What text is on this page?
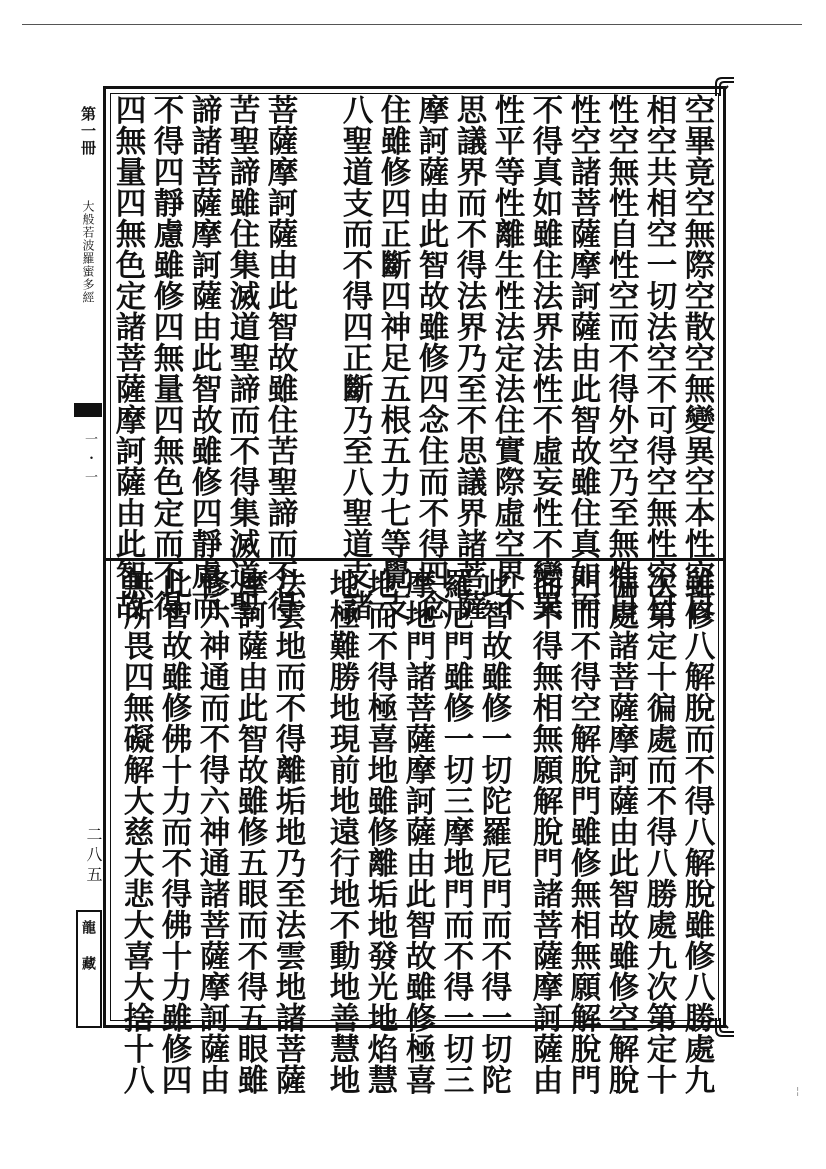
第一冊
大般若波羅蜜多經
一・一
二八五
龍藏
空畢竟空無際空散空無變異空本性空自
相空共相空一切法空不可得空無性空自
性空無性自性空而不得外空乃至無性自
性空諸菩薩摩訶薩由此智故雖住真如而
不得真如雖住法界法性不虛妄性不變異
性平等性離生性法定法住實際虛空界不
思議界而不得法界乃至不思議界諸菩薩
摩訶薩由此智故雖修四念住而不得四念
住雖修四正斷四神足五根五力七等覺支
八聖道支而不得四正斷乃至八聖道支諸
菩薩摩訶薩由此智故雖住苦聖諦而不得
苦聖諦雖住集滅道聖諦而不得集滅道聖
諦諸菩薩摩訶薩由此智故雖修四靜慮而
不得四靜慮雖修四無量四無色定而不得
四無量四無色定諸菩薩摩訶薩由此智故
雖修八解脫而不得八解脫雖修八勝處九
次第定十徧處而不得八勝處九次第定十
徧處諸菩薩摩訶薩由此智故雖修空解脫
門而不得空解脫門雖修無相無願解脫門
而不得無相無願解脫門諸菩薩摩訶薩由
此智故雖修一切陀羅尼門而不得一切陀
羅尼門雖修一切三摩地門而不得一切三
摩地門諸菩薩摩訶薩由此智故雖修極喜
地而不得極喜地雖修離垢地發光地焰慧
地極難勝地現前地遠行地不動地善慧地
法雲地而不得離垢地乃至法雲地諸菩薩
摩訶薩由此智故雖修五眼而不得五眼雖
修六神通而不得六神通諸菩薩摩訶薩由
此智故雖修佛十力而不得佛十力雖修四
無所畏四無礙解大慈大悲大喜大捨十八	¦
